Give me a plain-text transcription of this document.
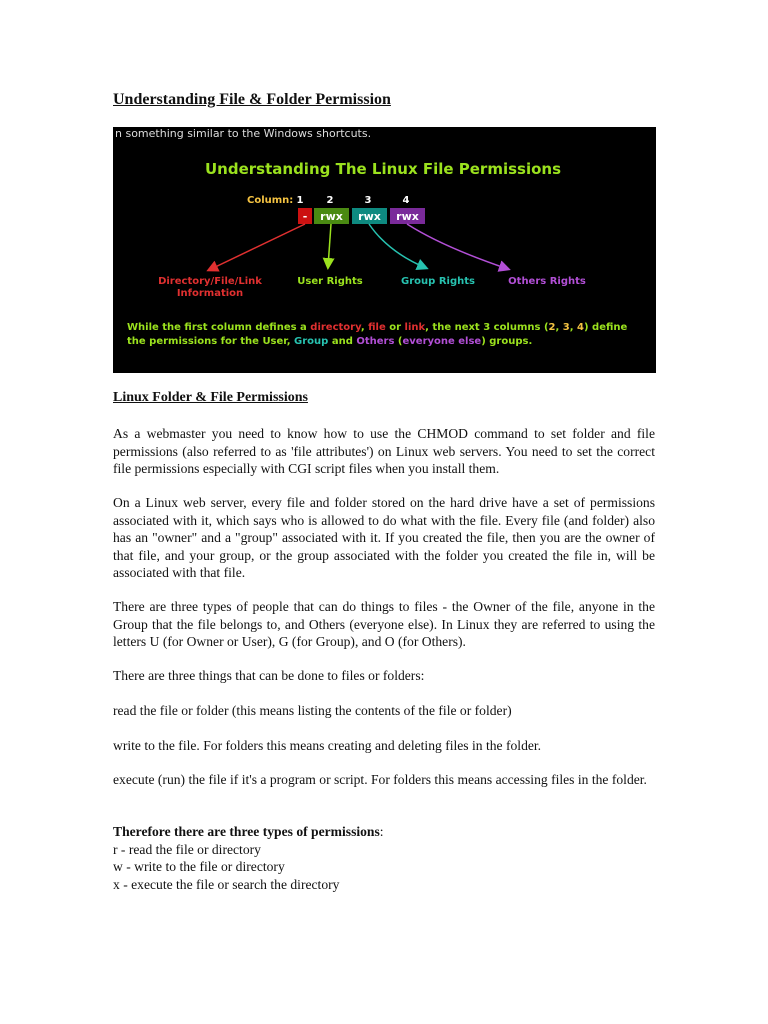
Understanding File & Folder Permission
n something similar to the Windows shortcuts.
Understanding The Linux File Permissions
Column: 1 2	3	4
- rwx rwx rwx
Directory/File/Link
Information
User Rights	Group Rights	Others Rights
While the first column defines a directory, file or link, the next 3 columns (2, 3, 4) define
the permissions for the User, Group and Others (everyone else) groups.
Linux Folder & File Permissions

As a webmaster you need to know how to use the CHMOD command to set folder and file permissions (also referred to as 'file attributes') on Linux web servers. You need to set the correct file permissions especially with CGI script files when you install them.

On a Linux web server, every file and folder stored on the hard drive have a set of permissions associated with it, which says who is allowed to do what with the file. Every file (and folder) also has an "owner" and a "group" associated with it. If you created the file, then you are the owner of that file, and your group, or the group associated with the folder you created the file in, will be associated with that file.

There are three types of people that can do things to files - the Owner of the file, anyone in the Group that the file belongs to, and Others (everyone else). In Linux they are referred to using the letters U (for Owner or User), G (for Group), and O (for Others).

There are three things that can be done to files or folders:

read the file or folder (this means listing the contents of the file or folder)

write to the file. For folders this means creating and deleting files in the folder.

execute (run) the file if it's a program or script. For folders this means accessing files in the folder.

Therefore there are three types of permissions:
r - read the file or directory
w - write to the file or directory
x - execute the file or search the directory
